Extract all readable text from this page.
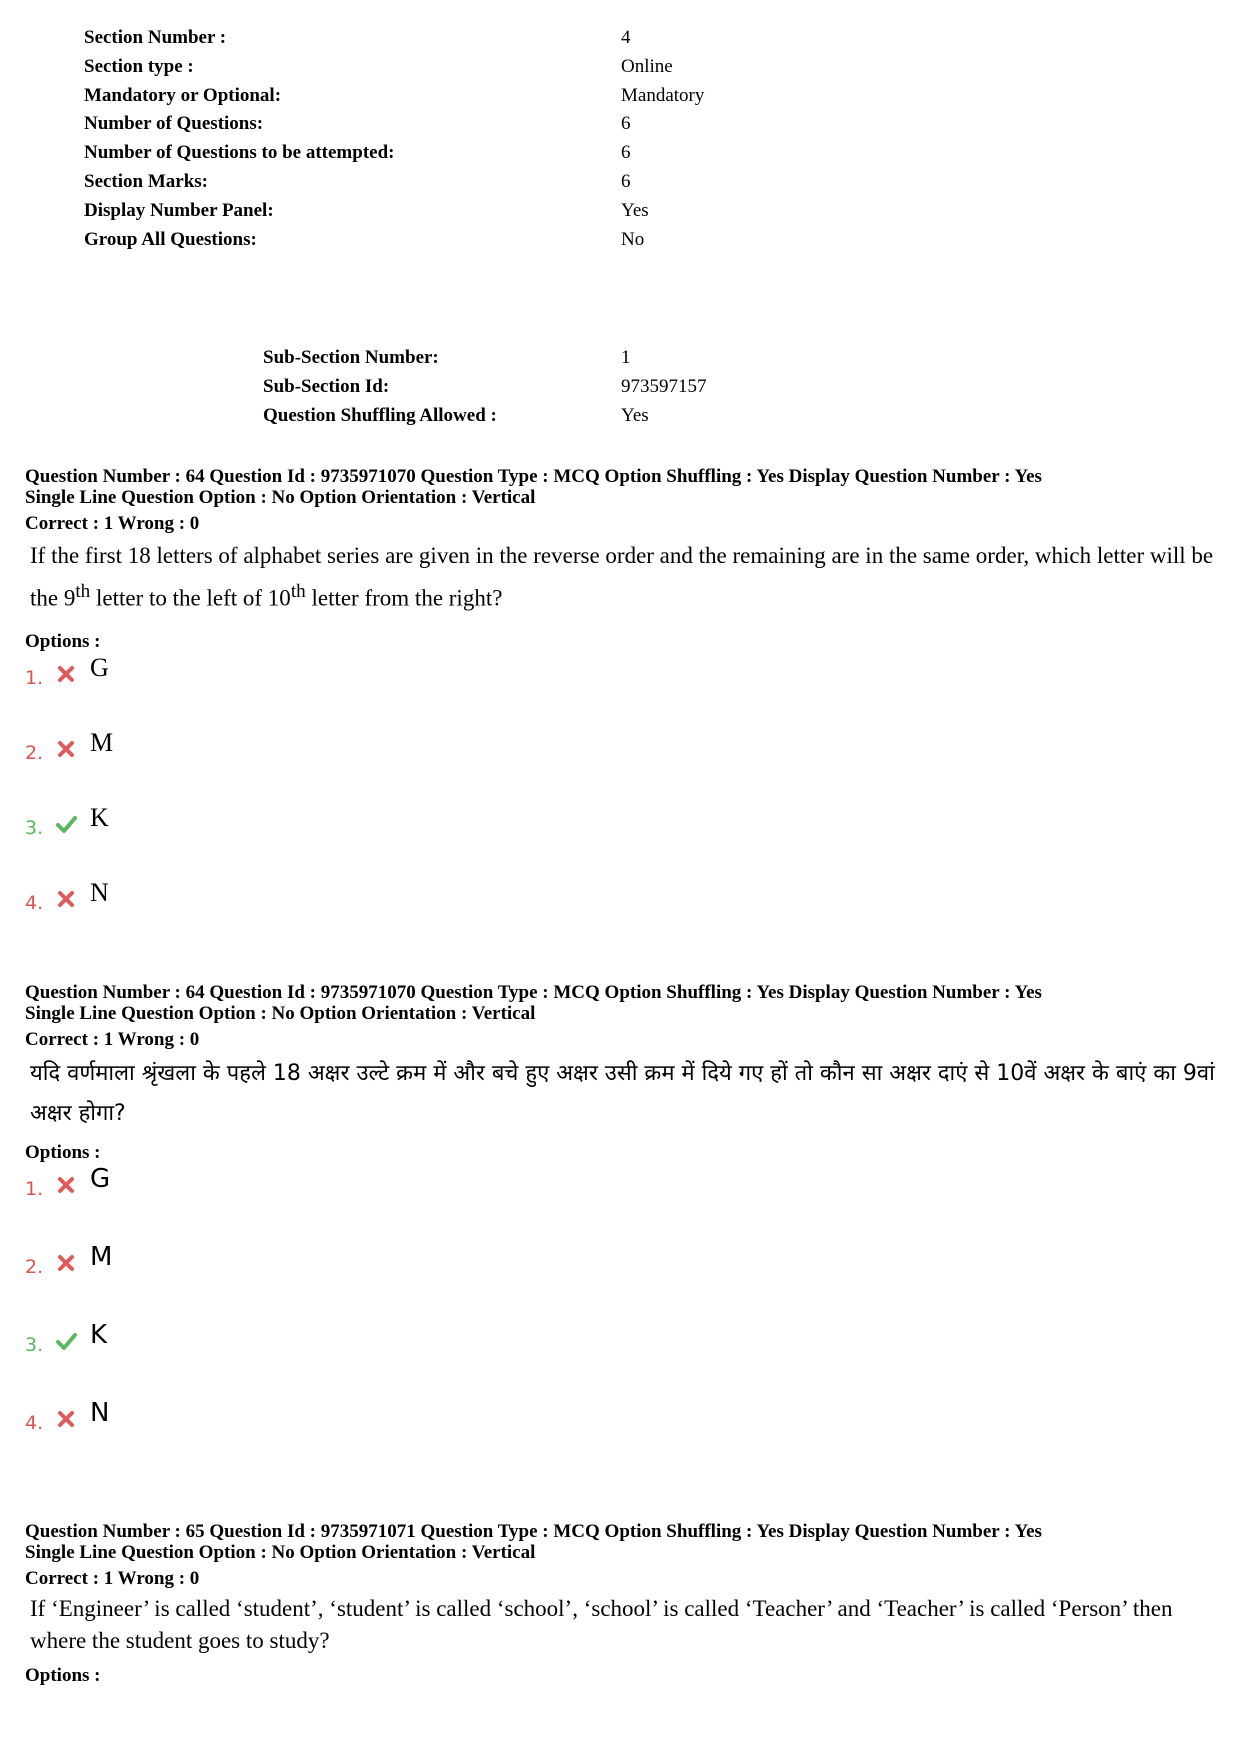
Section Number :	4
Section type :	Online
Mandatory or Optional:	Mandatory
Number of Questions:	6
Number of Questions to be attempted:	6
Section Marks:	6
Display Number Panel:	Yes
Group All Questions:	No
Sub-Section Number:	1
Sub-Section Id:	973597157
Question Shuffling Allowed :	Yes
Question Number : 64 Question Id : 9735971070 Question Type : MCQ Option Shuffling : Yes Display Question Number : Yes
Single Line Question Option : No Option Orientation : Vertical
Correct : 1 Wrong : 0
If the first 18 letters of alphabet series are given in the reverse order and the remaining are in the same order, which letter will be the 9th letter to the left of 10th letter from the right?
Options :
1. G
2. M
3. K
4. N
Question Number : 64 Question Id : 9735971070 Question Type : MCQ Option Shuffling : Yes Display Question Number : Yes
Single Line Question Option : No Option Orientation : Vertical
Correct : 1 Wrong : 0
यदि वर्णमाला श्रृंखला के पहले 18 अक्षर उल्टे क्रम में और बचे हुए अक्षर उसी क्रम में दिये गए हों तो कौन सा अक्षर दाएं से 10वें अक्षर के बाएं का 9वां अक्षर होगा?
Options :
1. G
2. M
3. K
4. N
Question Number : 65 Question Id : 9735971071 Question Type : MCQ Option Shuffling : Yes Display Question Number : Yes
Single Line Question Option : No Option Orientation : Vertical
Correct : 1 Wrong : 0
If ‘Engineer’ is called ‘student’, ‘student’ is called ‘school’, ‘school’ is called ‘Teacher’ and ‘Teacher’ is called ‘Person’ then where the student goes to study?
Options :
